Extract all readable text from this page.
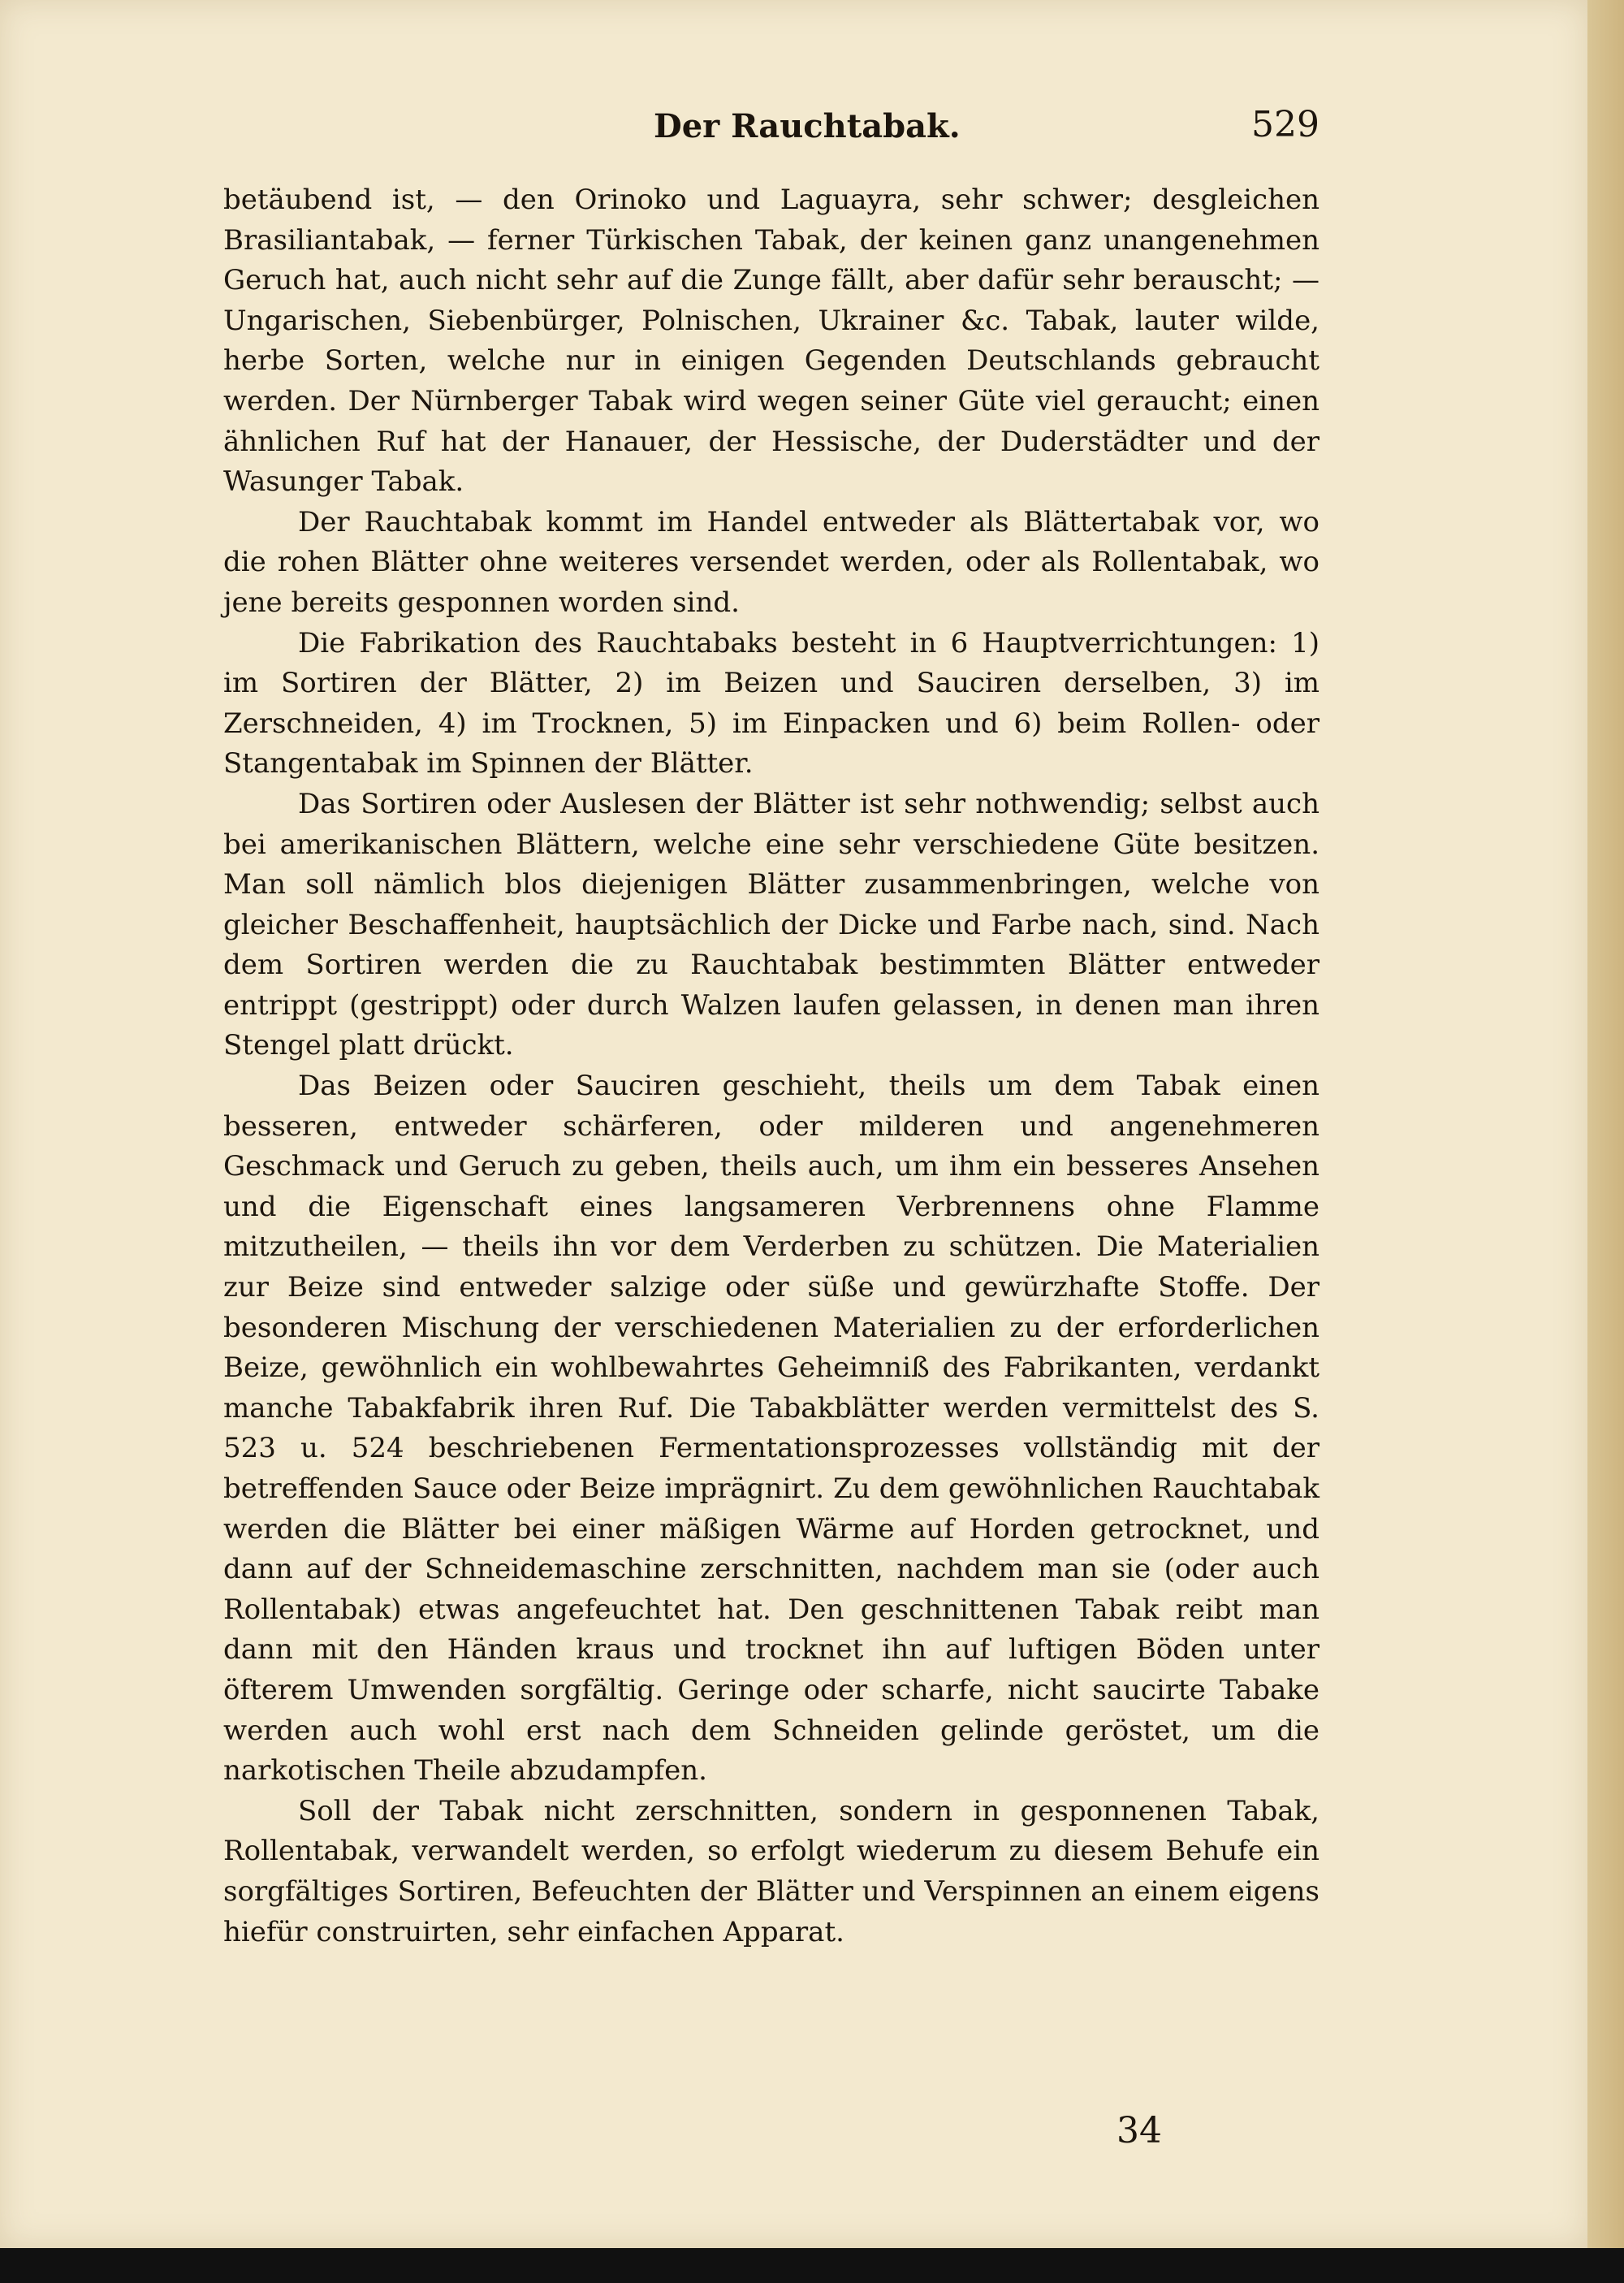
Der Rauchtabak.	529

betäubend ist, — den Orinoko und Laguayra, sehr schwer; desgleichen Brasiliantabak, — ferner Türkischen Tabak, der keinen ganz unangenehmen Geruch hat, auch nicht sehr auf die Zunge fällt, aber dafür sehr berauscht; — Ungarischen, Siebenbürger, Polnischen, Ukrainer &c. Tabak, lauter wilde, herbe Sorten, welche nur in einigen Gegenden Deutschlands gebraucht werden. Der Nürnberger Tabak wird wegen seiner Güte viel geraucht; einen ähnlichen Ruf hat der Hanauer, der Hessische, der Duderstädter und der Wasunger Tabak.

Der Rauchtabak kommt im Handel entweder als Blättertabak vor, wo die rohen Blätter ohne weiteres versendet werden, oder als Rollentabak, wo jene bereits gesponnen worden sind.

Die Fabrikation des Rauchtabaks besteht in 6 Hauptverrichtungen: 1) im Sortiren der Blätter, 2) im Beizen und Sauciren derselben, 3) im Zerschneiden, 4) im Trocknen, 5) im Einpacken und 6) beim Rollen- oder Stangentabak im Spinnen der Blätter.

Das Sortiren oder Auslesen der Blätter ist sehr nothwendig; selbst auch bei amerikanischen Blättern, welche eine sehr verschiedene Güte besitzen. Man soll nämlich blos diejenigen Blätter zusammenbringen, welche von gleicher Beschaffenheit, hauptsächlich der Dicke und Farbe nach, sind. Nach dem Sortiren werden die zu Rauchtabak bestimmten Blätter entweder entrippt (gestrippt) oder durch Walzen laufen gelassen, in denen man ihren Stengel platt drückt.

Das Beizen oder Sauciren geschieht, theils um dem Tabak einen besseren, entweder schärferen, oder milderen und angenehmeren Geschmack und Geruch zu geben, theils auch, um ihm ein besseres Ansehen und die Eigenschaft eines langsameren Verbrennens ohne Flamme mitzutheilen, — theils ihn vor dem Verderben zu schützen. Die Materialien zur Beize sind entweder salzige oder süße und gewürzhafte Stoffe. Der besonderen Mischung der verschiedenen Materialien zu der erforderlichen Beize, gewöhnlich ein wohlbewahrtes Geheimniß des Fabrikanten, verdankt manche Tabakfabrik ihren Ruf. Die Tabakblätter werden vermittelst des S. 523 u. 524 beschriebenen Fermentationsprozesses vollständig mit der betreffenden Sauce oder Beize imprägnirt. Zu dem gewöhnlichen Rauchtabak werden die Blätter bei einer mäßigen Wärme auf Horden getrocknet, und dann auf der Schneidemaschine zerschnitten, nachdem man sie (oder auch Rollentabak) etwas angefeuchtet hat. Den geschnittenen Tabak reibt man dann mit den Händen kraus und trocknet ihn auf luftigen Böden unter öfterem Umwenden sorgfältig. Geringe oder scharfe, nicht saucirte Tabake werden auch wohl erst nach dem Schneiden gelinde geröstet, um die narkotischen Theile abzudampfen.

Soll der Tabak nicht zerschnitten, sondern in gesponnenen Tabak, Rollentabak, verwandelt werden, so erfolgt wiederum zu diesem Behufe ein sorgfältiges Sortiren, Befeuchten der Blätter und Verspinnen an einem eigens hiefür construirten, sehr einfachen Apparat.

34
